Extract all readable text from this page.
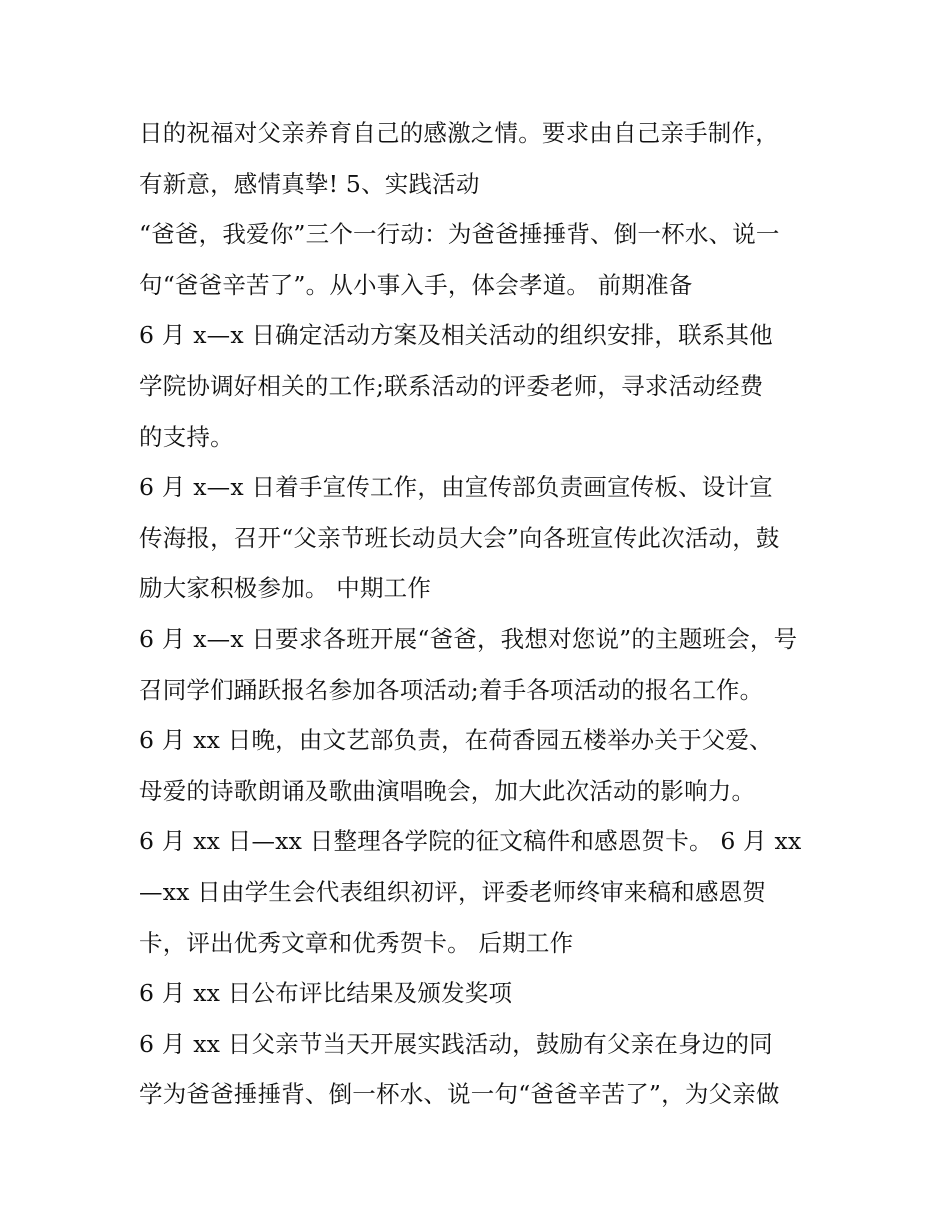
日的祝福对父亲养育自己的感激之情。要求由自己亲手制作，
有新意，感情真挚! 5、实践活动
“爸爸，我爱你”三个一行动：为爸爸捶捶背、倒一杯水、说一
句“爸爸辛苦了”。从小事入手，体会孝道。 前期准备
6 月 x—x 日确定活动方案及相关活动的组织安排，联系其他
学院协调好相关的工作;联系活动的评委老师，寻求活动经费
的支持。
6 月 x—x 日着手宣传工作，由宣传部负责画宣传板、设计宣
传海报，召开“父亲节班长动员大会”向各班宣传此次活动，鼓
励大家积极参加。 中期工作
6 月 x—x 日要求各班开展“爸爸，我想对您说”的主题班会，号
召同学们踊跃报名参加各项活动;着手各项活动的报名工作。
6 月 xx 日晚，由文艺部负责，在荷香园五楼举办关于父爱、
母爱的诗歌朗诵及歌曲演唱晚会，加大此次活动的影响力。
6 月 xx 日—xx 日整理各学院的征文稿件和感恩贺卡。 6 月 xx
—xx 日由学生会代表组织初评，评委老师终审来稿和感恩贺
卡，评出优秀文章和优秀贺卡。 后期工作
6 月 xx 日公布评比结果及颁发奖项
6 月 xx 日父亲节当天开展实践活动，鼓励有父亲在身边的同
学为爸爸捶捶背、倒一杯水、说一句“爸爸辛苦了”，为父亲做
